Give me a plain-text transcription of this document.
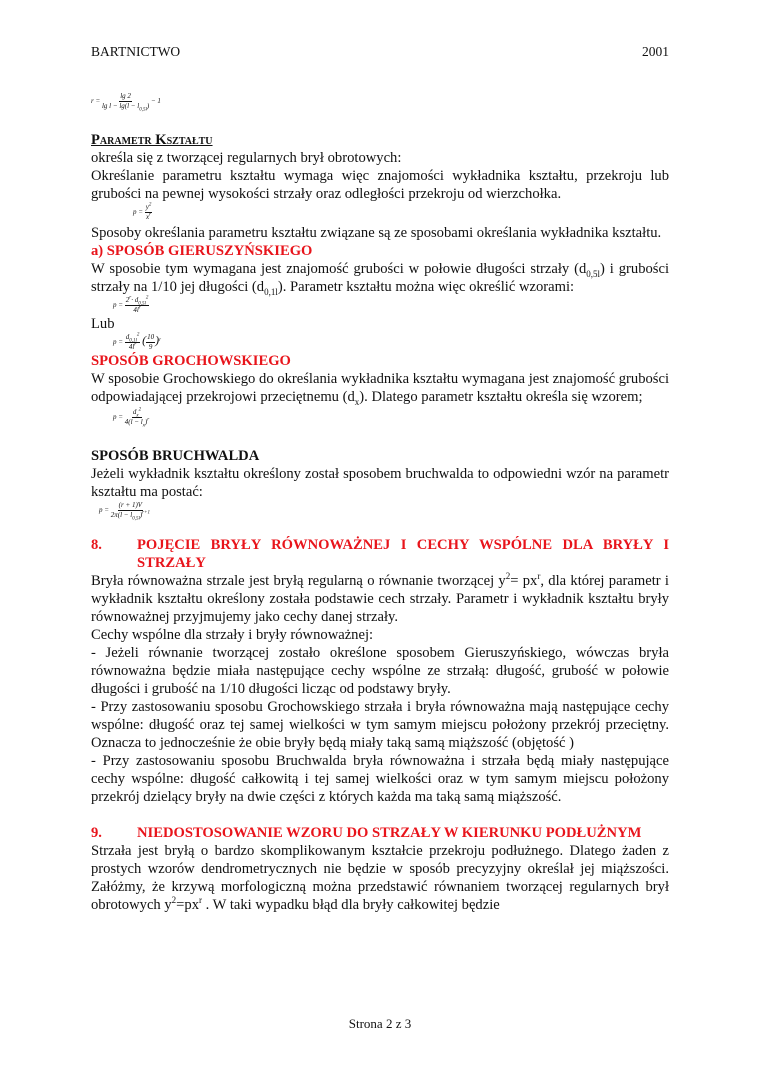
BARTNICTWO	2001
$r = \frac{\lg 2}{\lg l - \lg(l - l_{0,5l})} - 1$

Parametr Kształtu

określa się z tworzącej regularnych brył obrotowych:

Określanie parametru kształtu wymaga więc znajomości wykładnika kształtu, przekroju lub grubości na pewnej wysokości strzały oraz odległości przekroju od wierzchołka.

$p = \frac{y^2}{x^r}$

Sposoby określania parametru kształtu związane są ze sposobami określania wykładnika kształtu.

a) SPOSÓB GIERUSZYŃSKIEGO

W sposobie tym wymagana jest znajomość grubości w połowie długości strzały $(d_{0,5l})$ i grubości strzały na 1/10 jej długości $(d_{0,1l})$. Parametr kształtu można więc określić wzorami:

$p = \frac{2^r\cdot d_{0,5l}^2}{4l^r}$

Lub

$p = \frac{d_{0,1l}^2}{4l^r}$ ( $\frac{10}{9} )^r$

SPOSÓB GROCHOWSKIEGO

W sposobie Grochowskiego do określania wykładnika kształtu wymagana jest znajomość grubości odpowiadającej przekrojowi przeciętnemu $(d_x)$. Dlatego parametr kształtu określa się wzorem;

$p = \frac{d_x^2}{4(l - l_x)^r}$

SPOSÓB BRUCHWALDA

Jeżeli wykładnik kształtu określony został sposobem bruchwalda to odpowiedni wzór na parametr kształtu ma postać:

$p = \frac{(r + 1)V}{2\pi(l - l_{0,5l})^{r+1}}$
8.	POJĘCIE BRYŁY RÓWNOWAŻNEJ I CECHY WSPÓLNE DLA BRYŁY I STRZAŁY

Bryła równoważna strzale jest bryłą regularną o równanie tworzącej $y^2= px^r$, dla której parametr i wykładnik kształtu określony została podstawie cech strzały. Parametr i wykładnik kształtu bryły równoważnej przyjmujemy jako cechy danej strzały.

Cechy wspólne dla strzały i bryły równoważnej:

- Jeżeli równanie tworzącej zostało określone sposobem Gieruszyńskiego, wówczas bryła równoważna będzie miała następujące cechy wspólne ze strzałą: długość, grubość w połowie długości i grubość na 1/10 długości licząc od podstawy bryły.

- Przy zastosowaniu sposobu Grochowskiego strzała i bryła równoważna mają następujące cechy wspólne: długość oraz tej samej wielkości w tym samym miejscu położony przekrój przeciętny. Oznacza to jednocześnie że obie bryły będą miały taką samą miąższość (objętość )

- Przy zastosowaniu sposobu Bruchwalda bryła równoważna i strzała będą miały następujące cechy wspólne: długość całkowitą i tej samej wielkości oraz w tym samym miejscu położony przekrój dzielący bryły na dwie części z których każda ma taką samą miąższość.

9.	NIEDOSTOSOWANIE WZORU DO STRZAŁY W KIERUNKU PODŁUŻNYM

Strzała jest bryłą o bardzo skomplikowanym kształcie przekroju podłużnego. Dlatego żaden z prostych wzorów dendrometrycznych nie będzie w sposób precyzyjny określał jej miąższości. Załóżmy, że krzywą morfologiczną można przedstawić równaniem tworzącej regularnych brył obrotowych $y^2=px^r$ . W taki wypadku błąd dla bryły całkowitej będzie

Strona 2 z 3
